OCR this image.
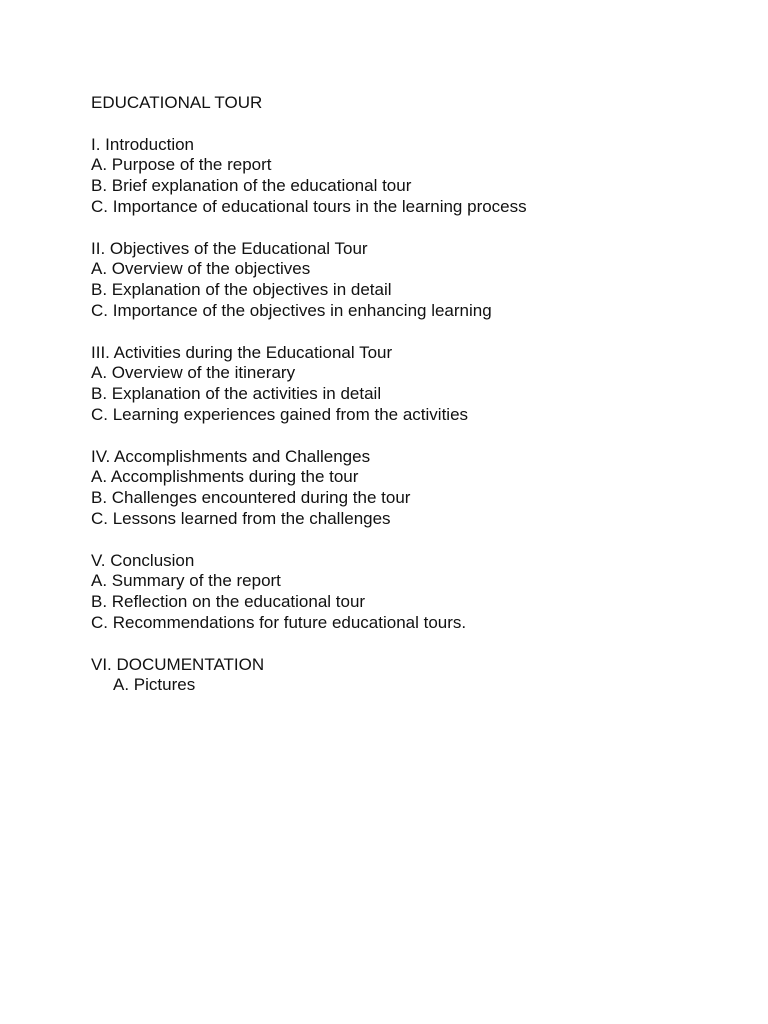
EDUCATIONAL TOUR
I. Introduction
A. Purpose of the report
B. Brief explanation of the educational tour
C. Importance of educational tours in the learning process
II. Objectives of the Educational Tour
A. Overview of the objectives
B. Explanation of the objectives in detail
C. Importance of the objectives in enhancing learning
III. Activities during the Educational Tour
A. Overview of the itinerary
B. Explanation of the activities in detail
C. Learning experiences gained from the activities
IV. Accomplishments and Challenges
A. Accomplishments during the tour
B. Challenges encountered during the tour
C. Lessons learned from the challenges
V. Conclusion
A. Summary of the report
B. Reflection on the educational tour
C. Recommendations for future educational tours.
VI. DOCUMENTATION
A. Pictures
